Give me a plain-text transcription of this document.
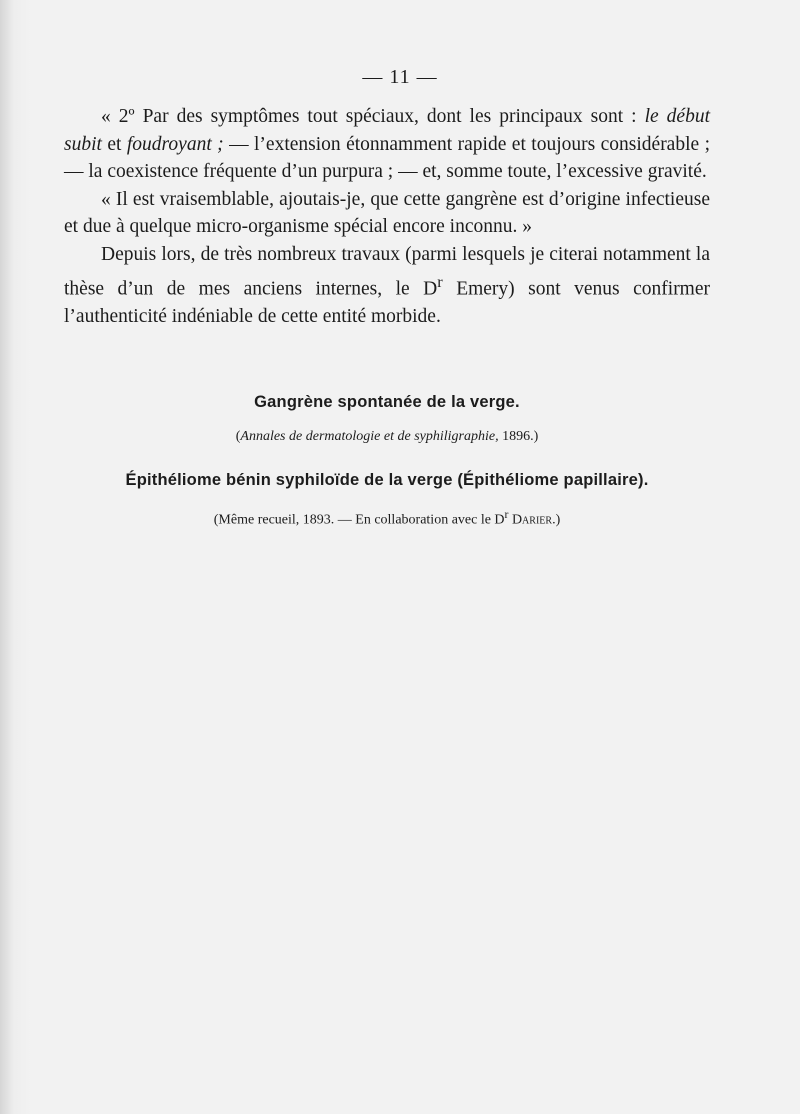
— 11 —

« 2º Par des symptômes tout spéciaux, dont les principaux sont : le début subit et foudroyant ; — l’extension étonnamment rapide et toujours considérable ; — la coexistence fréquente d’un purpura ; — et, somme toute, l’excessive gravité.

« Il est vraisemblable, ajoutais-je, que cette gangrène est d’origine infectieuse et due à quelque micro-organisme spécial encore inconnu. »

Depuis lors, de très nombreux travaux (parmi lesquels je citerai notamment la thèse d’un de mes anciens internes, le $D^r$ Emery) sont venus confirmer l’authenticité indéniable de cette entité morbide.

Gangrène spontanée de la verge.
(Annales de dermatologie et de syphiligraphie, 1896.)
Épithéliome bénin syphiloïde de la verge (Épithéliome papillaire).
(Même recueil, 1893. — En collaboration avec le $D^r$ Darier.)
